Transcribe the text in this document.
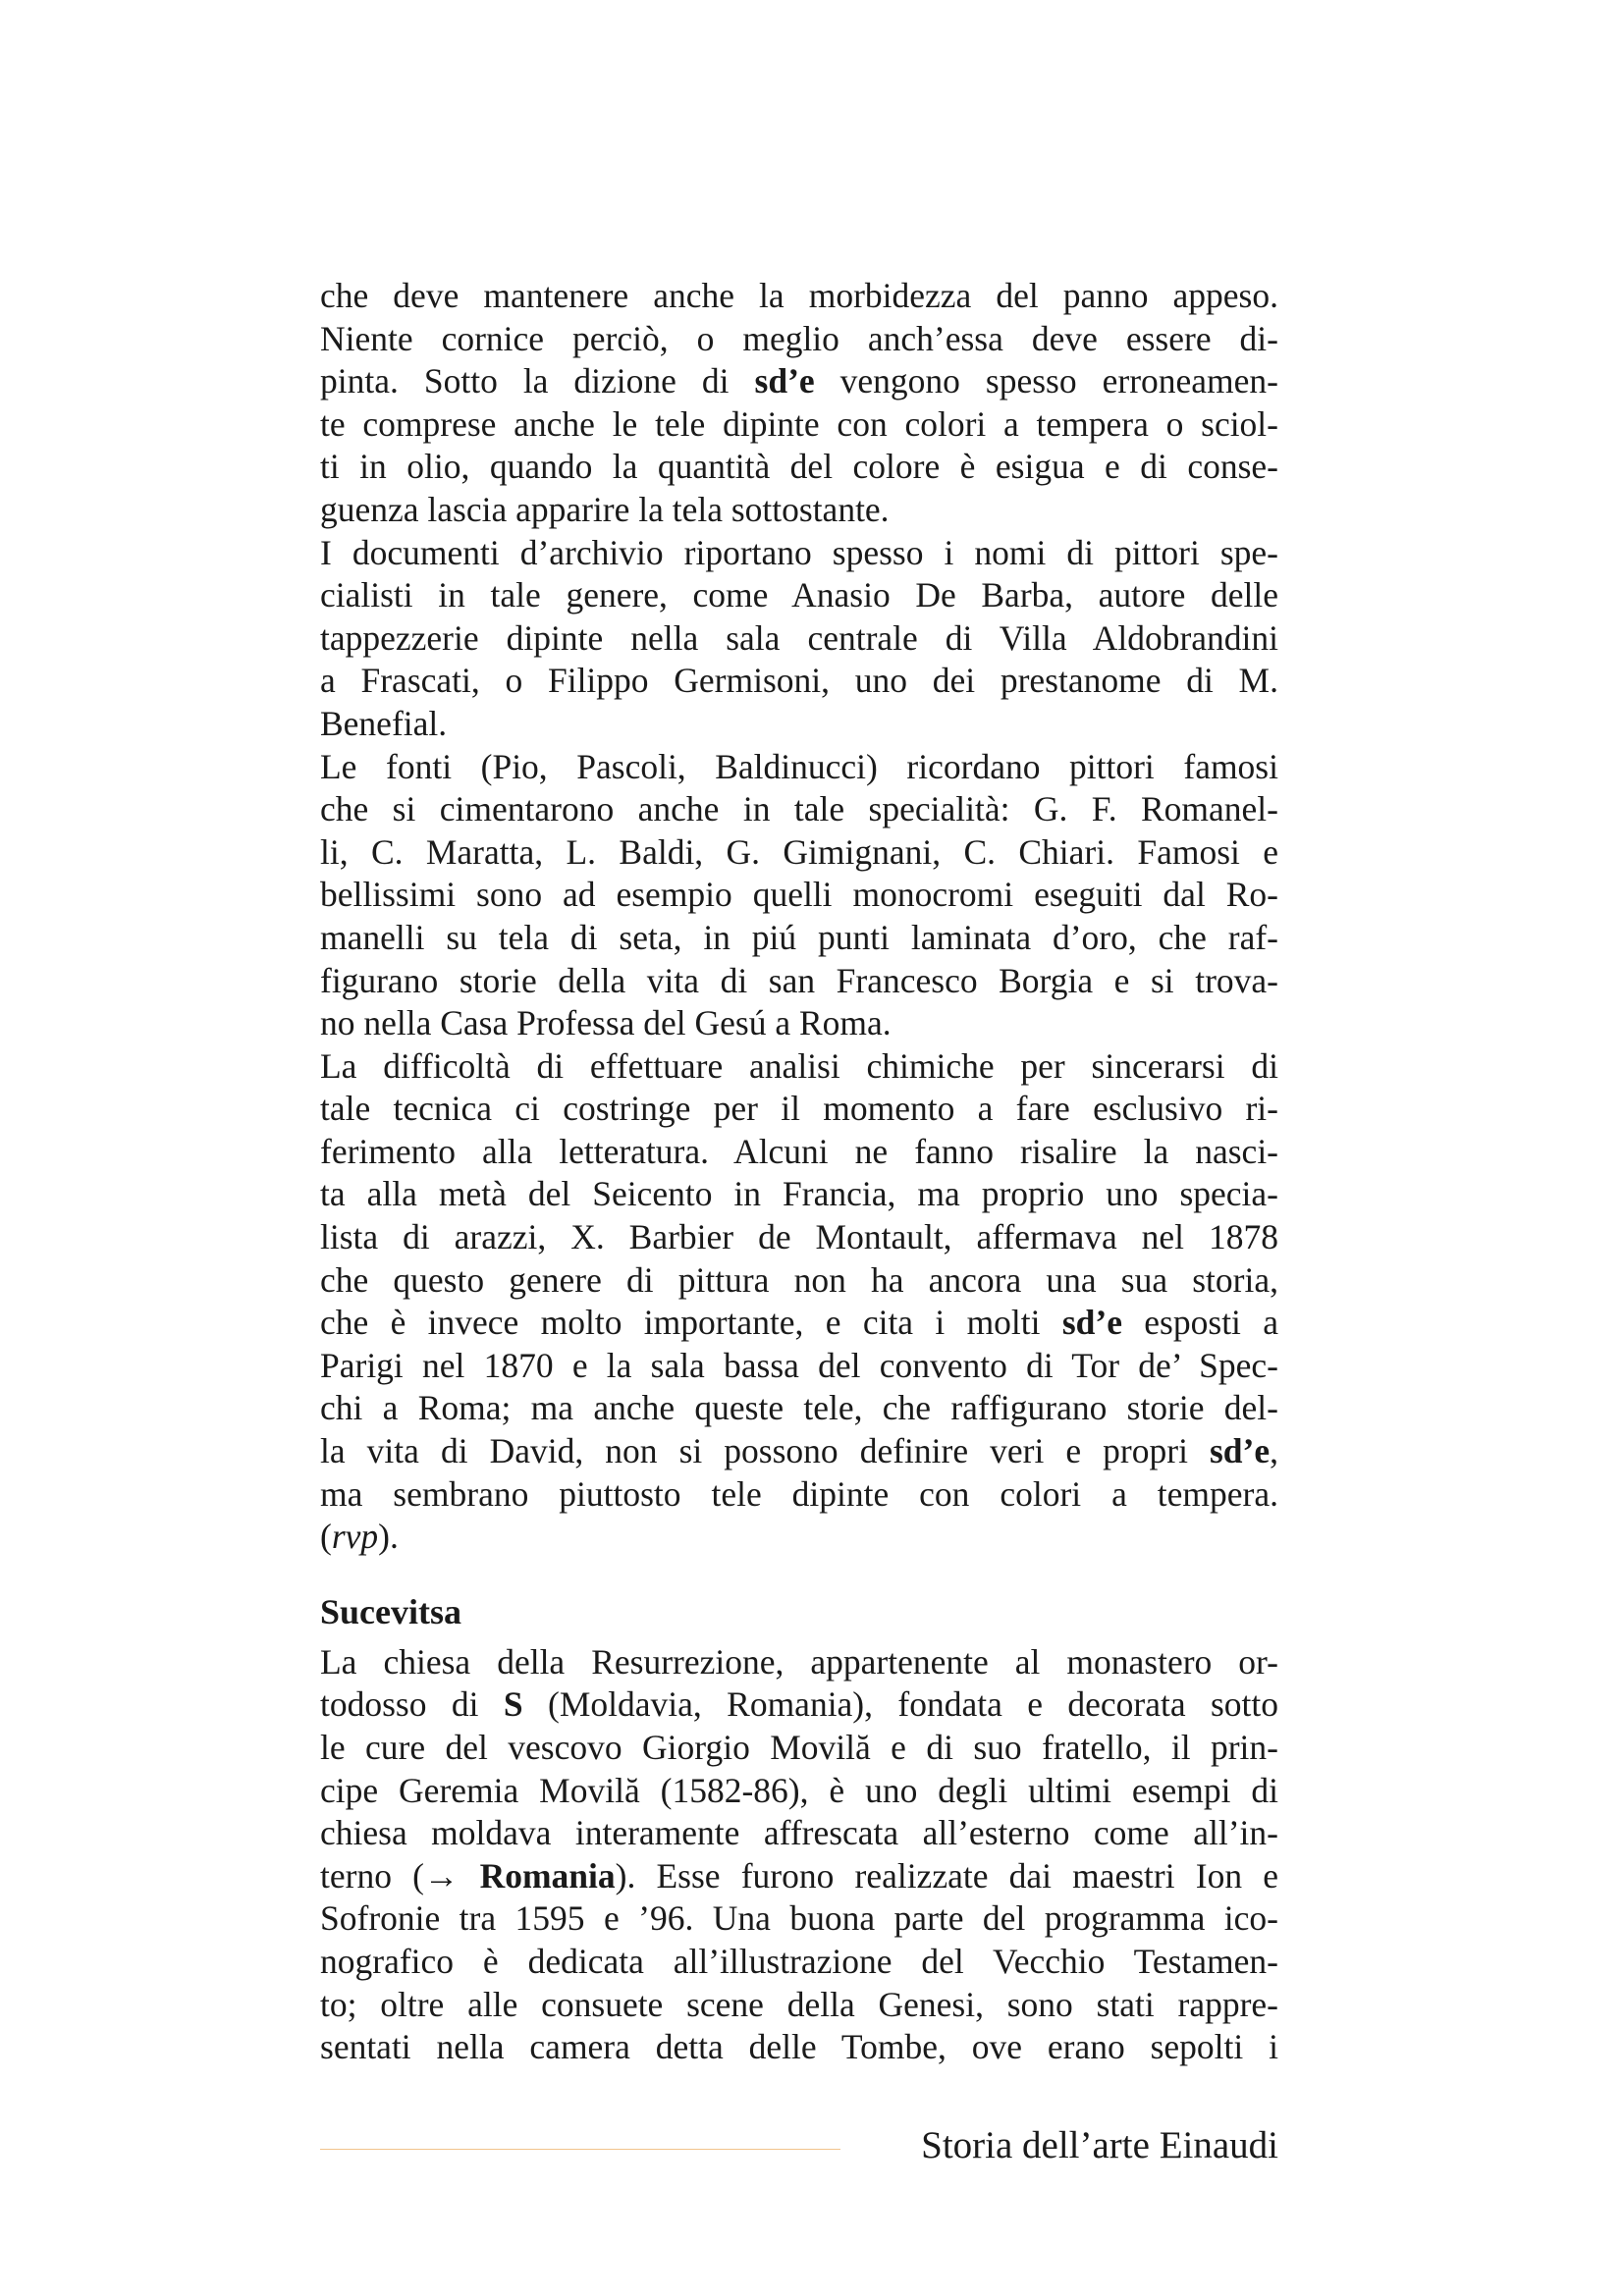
che deve mantenere anche la morbidezza del panno appeso.
Niente cornice perciò, o meglio anch’essa deve essere di-
pinta. Sotto la dizione di sd’e vengono spesso erroneamen-
te comprese anche le tele dipinte con colori a tempera o sciol-
ti in olio, quando la quantità del colore è esigua e di conse-
guenza lascia apparire la tela sottostante.
I documenti d’archivio riportano spesso i nomi di pittori spe-
cialisti in tale genere, come Anasio De Barba, autore delle
tappezzerie dipinte nella sala centrale di Villa Aldobrandini
a Frascati, o Filippo Germisoni, uno dei prestanome di M.
Benefial.
Le fonti (Pio, Pascoli, Baldinucci) ricordano pittori famosi
che si cimentarono anche in tale specialità: G. F. Romanel-
li, C. Maratta, L. Baldi, G. Gimignani, C. Chiari. Famosi e
bellissimi sono ad esempio quelli monocromi eseguiti dal Ro-
manelli su tela di seta, in piú punti laminata d’oro, che raf-
figurano storie della vita di san Francesco Borgia e si trova-
no nella Casa Professa del Gesú a Roma.
La difficoltà di effettuare analisi chimiche per sincerarsi di
tale tecnica ci costringe per il momento a fare esclusivo ri-
ferimento alla letteratura. Alcuni ne fanno risalire la nasci-
ta alla metà del Seicento in Francia, ma proprio uno specia-
lista di arazzi, X. Barbier de Montault, affermava nel 1878
che questo genere di pittura non ha ancora una sua storia,
che è invece molto importante, e cita i molti sd’e esposti a
Parigi nel 1870 e la sala bassa del convento di Tor de’ Spec-
chi a Roma; ma anche queste tele, che raffigurano storie del-
la vita di David, non si possono definire veri e propri sd’e,
ma sembrano piuttosto tele dipinte con colori a tempera.
(rvp).
Sucevitsa
La chiesa della Resurrezione, appartenente al monastero or-
todosso di S (Moldavia, Romania), fondata e decorata sotto
le cure del vescovo Giorgio Movilă e di suo fratello, il prin-
cipe Geremia Movilă (1582-86), è uno degli ultimi esempi di
chiesa moldava interamente affrescata all’esterno come all’in-
terno (→ Romania). Esse furono realizzate dai maestri Ion e
Sofronie tra 1595 e ’96. Una buona parte del programma ico-
nografico è dedicata all’illustrazione del Vecchio Testamen-
to; oltre alle consuete scene della Genesi, sono stati rappre-
sentati nella camera detta delle Tombe, ove erano sepolti i
Storia dell’arte Einaudi
